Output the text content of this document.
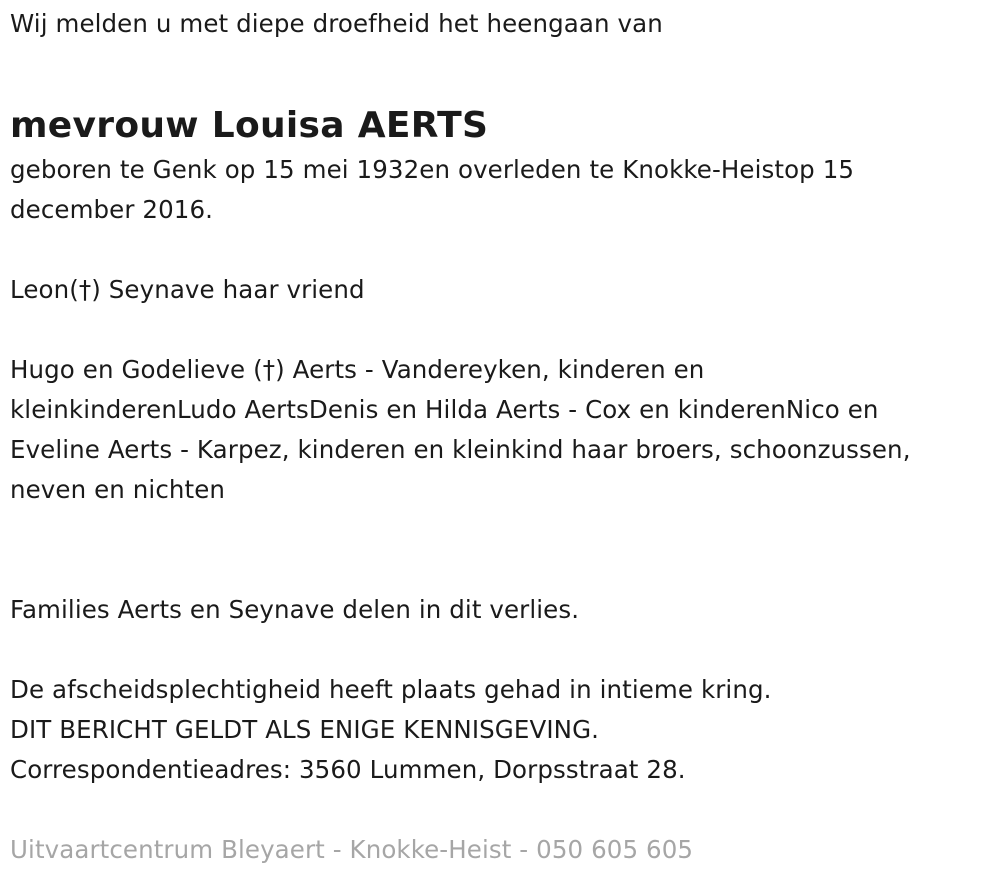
Wij melden u met diepe droefheid het heengaan van
mevrouw Louisa AERTS
geboren te Genk op 15 mei 1932en overleden te Knokke-Heistop 15
december 2016.
Leon(†) Seynave haar vriend
Hugo en Godelieve (†) Aerts - Vandereyken, kinderen en
kleinkinderenLudo AertsDenis en Hilda Aerts - Cox en kinderenNico en
Eveline Aerts - Karpez, kinderen en kleinkind haar broers, schoonzussen,
neven en nichten
Families Aerts en Seynave delen in dit verlies.
De afscheidsplechtigheid heeft plaats gehad in intieme kring.
DIT BERICHT GELDT ALS ENIGE KENNISGEVING.
Correspondentieadres: 3560 Lummen, Dorpsstraat 28.
Uitvaartcentrum Bleyaert - Knokke-Heist - 050 605 605
